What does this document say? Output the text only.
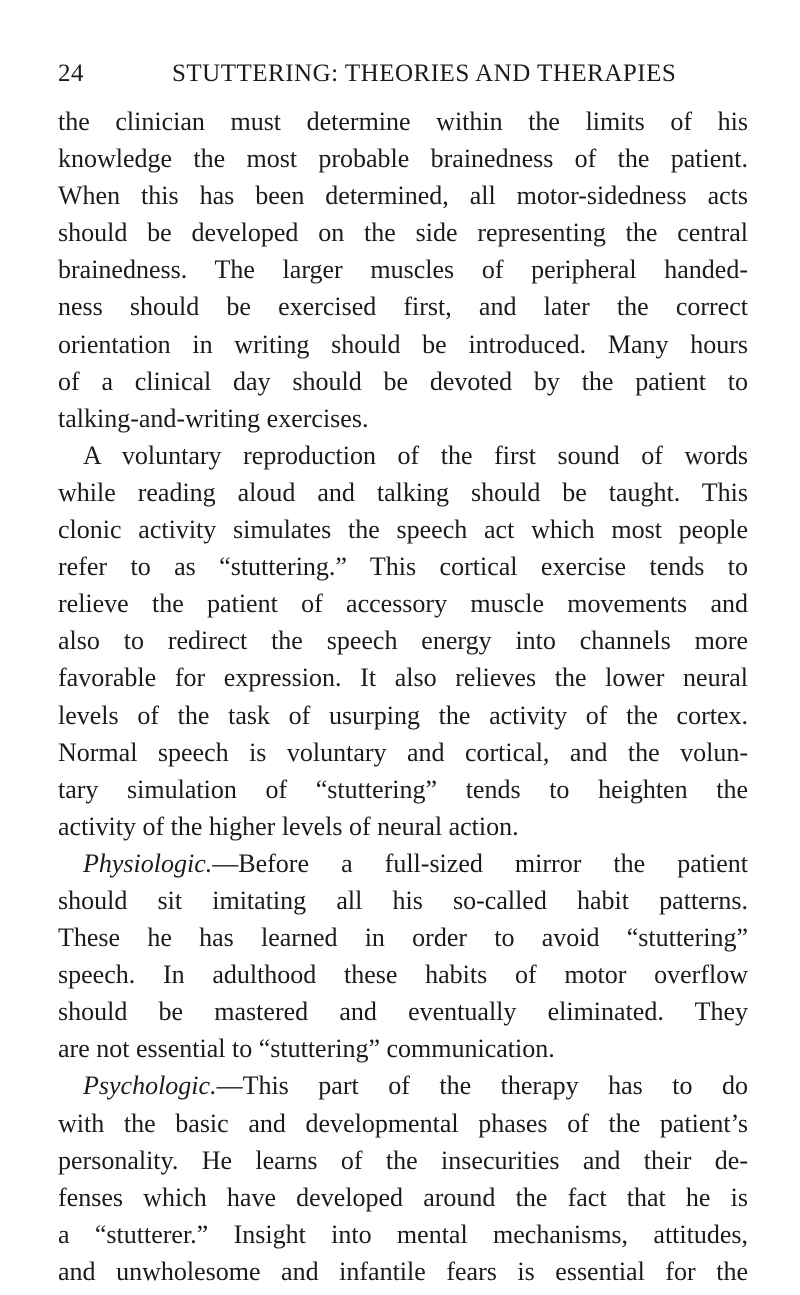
24	STUTTERING: THEORIES AND THERAPIES
the clinician must determine within the limits of his
knowledge the most probable brainedness of the patient.
When this has been determined, all motor-sidedness acts
should be developed on the side representing the central
brainedness. The larger muscles of peripheral handed-
ness should be exercised first, and later the correct
orientation in writing should be introduced. Many hours
of a clinical day should be devoted by the patient to
talking-and-writing exercises.
A voluntary reproduction of the first sound of words
while reading aloud and talking should be taught. This
clonic activity simulates the speech act which most people
refer to as “stuttering.” This cortical exercise tends to
relieve the patient of accessory muscle movements and
also to redirect the speech energy into channels more
favorable for expression. It also relieves the lower neural
levels of the task of usurping the activity of the cortex.
Normal speech is voluntary and cortical, and the volun-
tary simulation of “stuttering” tends to heighten the
activity of the higher levels of neural action.
Physiologic.—Before a full-sized mirror the patient
should sit imitating all his so-called habit patterns.
These he has learned in order to avoid “stuttering”
speech. In adulthood these habits of motor overflow
should be mastered and eventually eliminated. They
are not essential to “stuttering” communication.
Psychologic.—This part of the therapy has to do
with the basic and developmental phases of the patient’s
personality. He learns of the insecurities and their de-
fenses which have developed around the fact that he is
a “stutterer.” Insight into mental mechanisms, attitudes,
and unwholesome and infantile fears is essential for the
